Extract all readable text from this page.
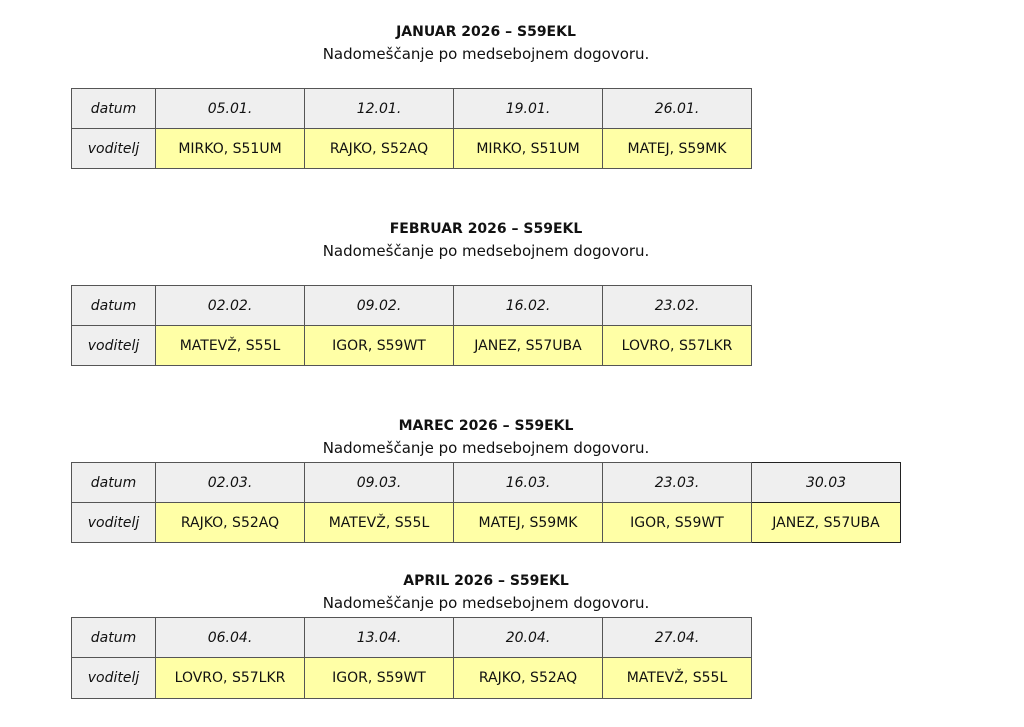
JANUAR 2026 – S59EKL
Nadomeščanje po medsebojnem dogovoru.
datum	05.01.	12.01.	19.01.	26.01.
voditelj	MIRKO, S51UM	RAJKO, S52AQ	MIRKO, S51UM	MATEJ, S59MK
FEBRUAR 2026 – S59EKL
Nadomeščanje po medsebojnem dogovoru.
datum	02.02.	09.02.	16.02.	23.02.
voditelj	MATEVŽ, S55L	IGOR, S59WT	JANEZ, S57UBA	LOVRO, S57LKR
MAREC 2026 – S59EKL
Nadomeščanje po medsebojnem dogovoru.
datum	02.03.	09.03.	16.03.	23.03.	30.03
voditelj	RAJKO, S52AQ	MATEVŽ, S55L	MATEJ, S59MK	IGOR, S59WT	JANEZ, S57UBA
APRIL 2026 – S59EKL
Nadomeščanje po medsebojnem dogovoru.
datum	06.04.	13.04.	20.04.	27.04.
voditelj	LOVRO, S57LKR	IGOR, S59WT	RAJKO, S52AQ	MATEVŽ, S55L
